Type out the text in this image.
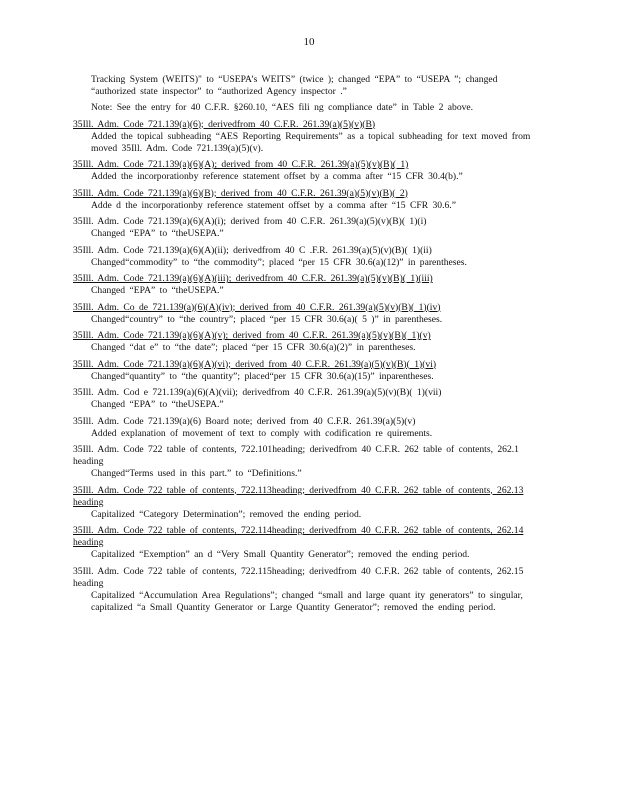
10
Tracking System (WEITS)" to “USEPA’s WEITS” (twice ); changed “EPA” to “USEPA ”; changed “authorized state inspector” to “authorized Agency inspector .”
Note: See the entry for 40 C.F.R. §260.10, “AES fili ng compliance date” in Table 2 above.
35Ill. Adm. Code 721.139(a)(6); derivedfrom 40 C.F.R. 261.39(a)(5)(v)(B)
Added the topical subheading “AES Reporting Requirements” as a topical subheading for text moved from moved 35Ill. Adm. Code 721.139(a)(5)(v).
35Ill. Adm. Code 721.139(a)(6)(A); derived from 40 C.F.R. 261.39(a)(5)(v)(B)( 1)
Added the incorporationby reference statement offset by a comma after “15 CFR 30.4(b).”
35Ill. Adm. Code 721.139(a)(6)(B); derived from 40 C.F.R. 261.39(a)(5)(v)(B)( 2)
Adde d the incorporationby reference statement offset by a comma after “15 CFR 30.6.”
35Ill. Adm. Code 721.139(a)(6)(A)(i); derived from 40 C.F.R. 261.39(a)(5)(v)(B)( 1)(i)
Changed “EPA” to “theUSEPA.”
35Ill. Adm. Code 721.139(a)(6)(A)(ii); derivedfrom 40 C .F.R. 261.39(a)(5)(v)(B)( 1)(ii)
Changed“commodity” to “the commodity”; placed “per 15 CFR 30.6(a)(12)” in parentheses.
35Ill. Adm. Code 721.139(a)(6)(A)(iii); derivedfrom 40 C.F.R. 261.39(a)(5)(v)(B)( 1)(iii)
Changed “EPA” to “theUSEPA.”
35Ill. Adm. Co de 721.139(a)(6)(A)(iv); derived from 40 C.F.R. 261.39(a)(5)(v)(B)( 1)(iv)
Changed“country” to “the country”; placed “per 15 CFR 30.6(a)( 5 )” in parentheses.
35Ill. Adm. Code 721.139(a)(6)(A)(v); derived from 40 C.F.R. 261.39(a)(5)(v)(B)( 1)(v)
Changed “dat e” to “the date”; placed “per 15 CFR 30.6(a)(2)” in parentheses.
35Ill. Adm. Code 721.139(a)(6)(A)(vi); derived from 40 C.F.R. 261.39(a)(5)(v)(B)( 1)(vi)
Changed“quantity” to “the quantity”; placed“per 15 CFR 30.6(a)(15)” inparentheses.
35Ill. Adm. Cod e 721.139(a)(6)(A)(vii); derivedfrom 40 C.F.R. 261.39(a)(5)(v)(B)( 1)(vii)
Changed “EPA” to “theUSEPA.”
35Ill. Adm. Code 721.139(a)(6) Board note; derived from 40 C.F.R. 261.39(a)(5)(v)
Added explanation of movement of text to comply with codification re quirements.
35Ill. Adm. Code 722 table of contents, 722.101heading; derivedfrom 40 C.F.R. 262 table of contents, 262.1 heading
Changed“Terms used in this part.” to “Definitions.”
35Ill. Adm. Code 722 table of contents, 722.113heading; derivedfrom 40 C.F.R. 262 table of contents, 262.13 heading
Capitalized “Category Determination”; removed the ending period.
35Ill. Adm. Code 722 table of contents, 722.114heading; derivedfrom 40 C.F.R. 262 table of contents, 262.14 heading
Capitalized “Exemption” an d “Very Small Quantity Generator”; removed the ending period.
35Ill. Adm. Code 722 table of contents, 722.115heading; derivedfrom 40 C.F.R. 262 table of contents, 262.15 heading
Capitalized “Accumulation Area Regulations”; changed “small and large quant ity generators” to singular, capitalized “a Small Quantity Generator or Large Quantity Generator”; removed the ending period.
